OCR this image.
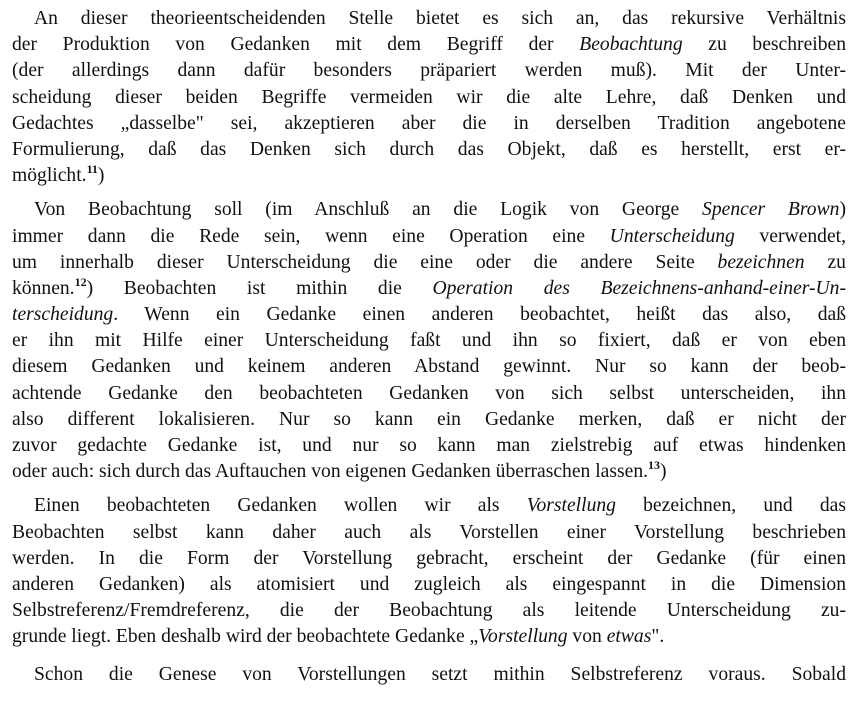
An dieser theorieentscheidenden Stelle bietet es sich an, das rekursive Verhältnis
der Produktion von Gedanken mit dem Begriff der Beobachtung zu beschreiben
(der allerdings dann dafür besonders präpariert werden muß). Mit der Unter-
scheidung dieser beiden Begriffe vermeiden wir die alte Lehre, daß Denken und
Gedachtes „dasselbe" sei, akzeptieren aber die in derselben Tradition angebotene
Formulierung, daß das Denken sich durch das Objekt, daß es herstellt, erst er-
möglicht.$^{11}$)
Von Beobachtung soll (im Anschluß an die Logik von George Spencer Brown)
immer dann die Rede sein, wenn eine Operation eine Unterscheidung verwendet,
um innerhalb dieser Unterscheidung die eine oder die andere Seite bezeichnen zu
können.$^{12}$) Beobachten ist mithin die Operation des Bezeichnens-anhand-einer-Un-
terscheidung. Wenn ein Gedanke einen anderen beobachtet, heißt das also, daß
er ihn mit Hilfe einer Unterscheidung faßt und ihn so fixiert, daß er von eben
diesem Gedanken und keinem anderen Abstand gewinnt. Nur so kann der beob-
achtende Gedanke den beobachteten Gedanken von sich selbst unterscheiden, ihn
also different lokalisieren. Nur so kann ein Gedanke merken, daß er nicht der
zuvor gedachte Gedanke ist, und nur so kann man zielstrebig auf etwas hindenken
oder auch: sich durch das Auftauchen von eigenen Gedanken überraschen lassen.$^{13}$)
Einen beobachteten Gedanken wollen wir als Vorstellung bezeichnen, und das
Beobachten selbst kann daher auch als Vorstellen einer Vorstellung beschrieben
werden. In die Form der Vorstellung gebracht, erscheint der Gedanke (für einen
anderen Gedanken) als atomisiert und zugleich als eingespannt in die Dimension
Selbstreferenz/Fremdreferenz, die der Beobachtung als leitende Unterscheidung zu-
grunde liegt. Eben deshalb wird der beobachtete Gedanke „Vorstellung von etwas".
Schon die Genese von Vorstellungen setzt mithin Selbstreferenz voraus. Sobald
